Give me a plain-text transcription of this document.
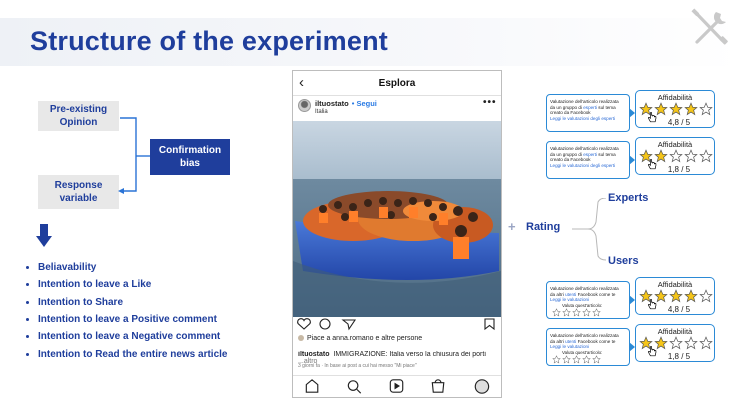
Structure of the experiment
Pre-existing Opinion
Confirmation bias
Response variable
Beliavability
Intention to leave a Like
Intention to Share
Intention to leave a Positive comment
Intention to leave a Negative comment
Intention to Read the entire news article
‹	Esplora
iltuostato • Segui
Italia
•••
Piace a anna.romano e altre persone
iltuostato IMMIGRAZIONE: Italia verso la chiusura dei porti
...altro
3 giorni fa · In base ai post a cui hai messo "Mi piace"
+ Rating
Experts
Users
Valutazione dell'articolo realizzata
da un gruppo di esperti sul tema
creato da Facebook
Leggi le valutazioni degli esperti
Affidabilità
4,8 / 5
Valutazione dell'articolo realizzata
da un gruppo di esperti sul tema
creato da Facebook
Leggi le valutazioni degli esperti
Affidabilità
1,8 / 5
Valutazione dell'articolo realizzata
da altri utenti Facebook come te
Leggi le valutazioni
Valuta quest'articolo:
Affidabilità
4,8 / 5
Valutazione dell'articolo realizzata
da altri utenti Facebook come te
Leggi le valutazioni
Valuta quest'articolo:
Affidabilità
1,8 / 5
